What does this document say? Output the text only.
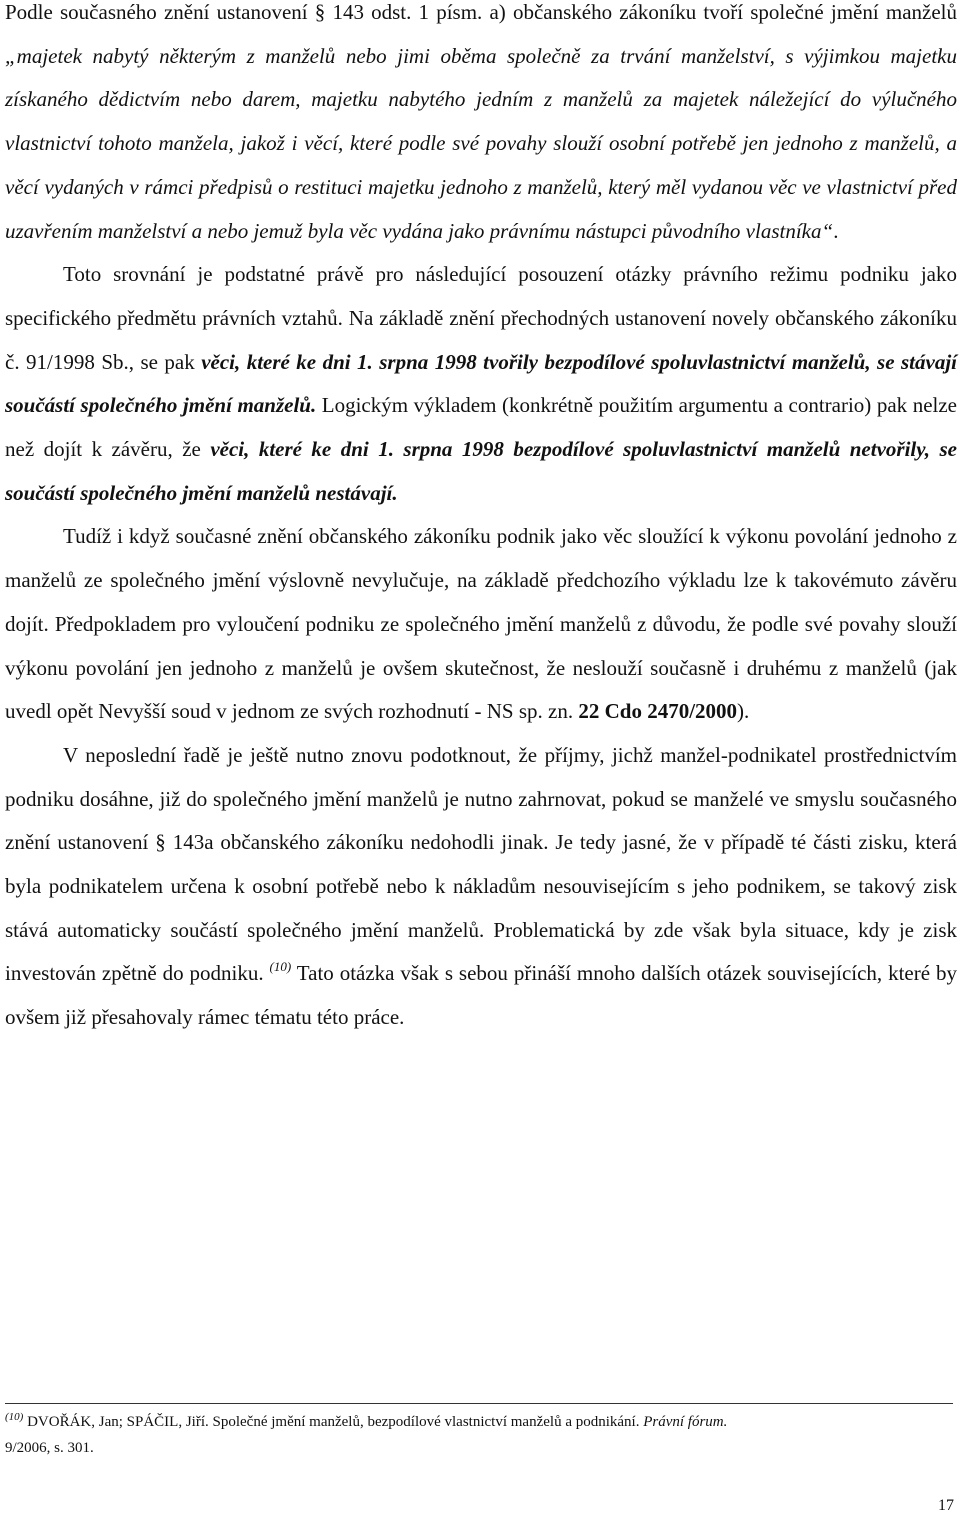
Podle současného znění ustanovení § 143 odst. 1 písm. a) občanského zákoníku tvoří společné jmění manželů „majetek nabytý některým z manželů nebo jimi oběma společně za trvání manželství, s výjimkou majetku získaného dědictvím nebo darem, majetku nabytého jedním z manželů za majetek náležející do výlučného vlastnictví tohoto manžela, jakož i věcí, které podle své povahy slouží osobní potřebě jen jednoho z manželů, a věcí vydaných v rámci předpisů o restituci majetku jednoho z manželů, který měl vydanou věc ve vlastnictví před uzavřením manželství a nebo jemuž byla věc vydána jako právnímu nástupci původního vlastníka“.

Toto srovnání je podstatné právě pro následující posouzení otázky právního režimu podniku jako specifického předmětu právních vztahů. Na základě znění přechodných ustanovení novely občanského zákoníku č. 91/1998 Sb., se pak věci, které ke dni 1. srpna 1998 tvořily bezpodílové spoluvlastnictví manželů, se stávají součástí společného jmění manželů. Logickým výkladem (konkrétně použitím argumentu a contrario) pak nelze než dojít k závěru, že věci, které ke dni 1. srpna 1998 bezpodílové spoluvlastnictví manželů netvořily, se součástí společného jmění manželů nestávají.

Tudíž i když současné znění občanského zákoníku podnik jako věc sloužící k výkonu povolání jednoho z manželů ze společného jmění výslovně nevylučuje, na základě předchozího výkladu lze k takovémuto závěru dojít. Předpokladem pro vyloučení podniku ze společného jmění manželů z důvodu, že podle své povahy slouží výkonu povolání jen jednoho z manželů je ovšem skutečnost, že neslouží současně i druhému z manželů (jak uvedl opět Nevyšší soud v jednom ze svých rozhodnutí - NS sp. zn. 22 Cdo 2470/2000).

V neposlední řadě je ještě nutno znovu podotknout, že příjmy, jichž manžel-podnikatel prostřednictvím podniku dosáhne, již do společného jmění manželů je nutno zahrnovat, pokud se manželé ve smyslu současného znění ustanovení § 143a občanského zákoníku nedohodli jinak. Je tedy jasné, že v případě té části zisku, která byla podnikatelem určena k osobní potřebě nebo k nákladům nesouvisejícím s jeho podnikem, se takový zisk stává automaticky součástí společného jmění manželů. Problematická by zde však byla situace, kdy je zisk investován zpětně do podniku. $^{(10)}$ Tato otázka však s sebou přináší mnoho dalších otázek souvisejících, které by ovšem již přesahovaly rámec tématu této práce.

$^{(10)}$ DVOŘÁK, Jan; SPÁČIL, Jiří. Společné jmění manželů, bezpodílové vlastnictví manželů a podnikání. Právní fórum.
9/2006, s. 301.

17
